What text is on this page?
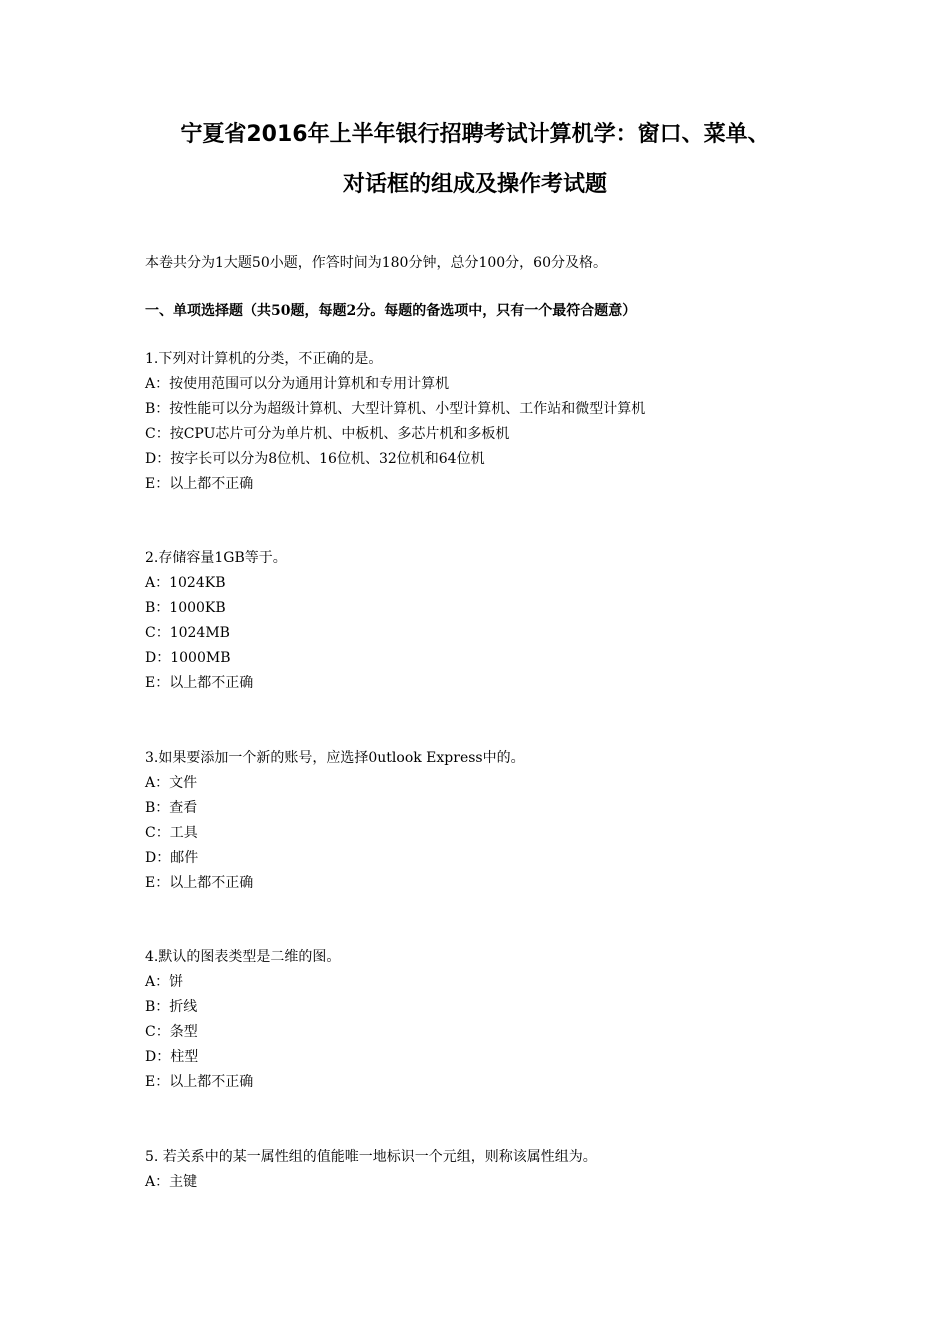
宁夏省2016年上半年银行招聘考试计算机学：窗口、菜单、
对话框的组成及操作考试题
本卷共分为1大题50小题，作答时间为180分钟，总分100分，60分及格。
一、单项选择题（共50题，每题2分。每题的备选项中，只有一个最符合题意）
1.下列对计算机的分类，不正确的是。
A：按使用范围可以分为通用计算机和专用计算机
B：按性能可以分为超级计算机、大型计算机、小型计算机、工作站和微型计算机
C：按CPU芯片可分为单片机、中板机、多芯片机和多板机
D：按字长可以分为8位机、16位机、32位机和64位机
E：以上都不正确
2.存储容量1GB等于。
A：1024KB
B：1000KB
C：1024MB
D：1000MB
E：以上都不正确
3.如果要添加一个新的账号，应选择0utlook Express中的。
A：文件
B：查看
C：工具
D：邮件
E：以上都不正确
4.默认的图表类型是二维的图。
A：饼
B：折线
C：条型
D：柱型
E：以上都不正确
5. 若关系中的某一属性组的值能唯一地标识一个元组，则称该属性组为。
A：主键
